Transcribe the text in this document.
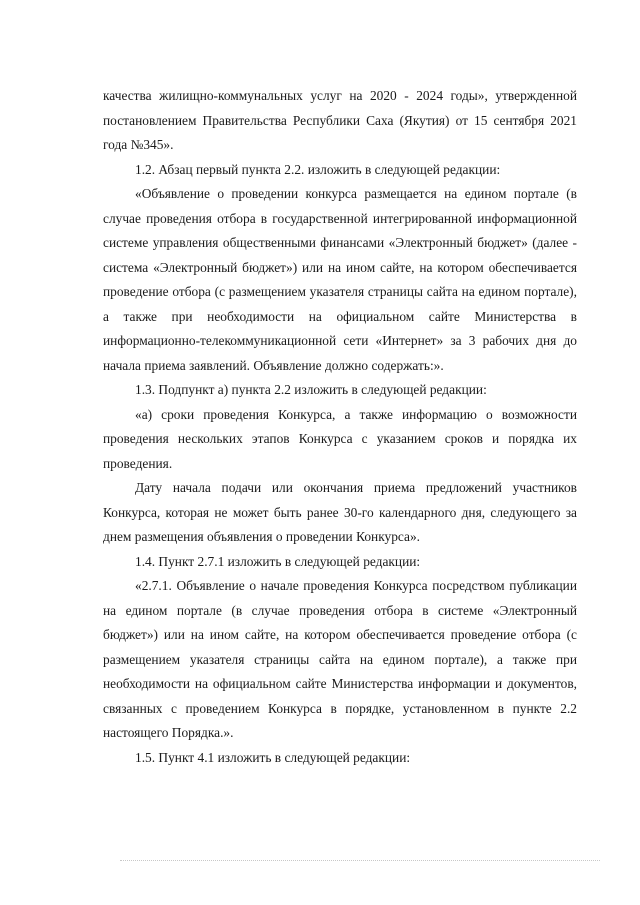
качества жилищно-коммунальных услуг на 2020 - 2024 годы», утвержденной постановлением Правительства Республики Саха (Якутия) от 15 сентября 2021 года №345».

1.2. Абзац первый пункта 2.2. изложить в следующей редакции:

«Объявление о проведении конкурса размещается на едином портале (в случае проведения отбора в государственной интегрированной информационной системе управления общественными финансами «Электронный бюджет» (далее - система «Электронный бюджет») или на ином сайте, на котором обеспечивается проведение отбора (с размещением указателя страницы сайта на едином портале), а также при необходимости на официальном сайте Министерства в информационно-телекоммуникационной сети «Интернет» за 3 рабочих дня до начала приема заявлений. Объявление должно содержать:».

1.3. Подпункт а) пункта 2.2 изложить в следующей редакции:

«а) сроки проведения Конкурса, а также информацию о возможности проведения нескольких этапов Конкурса с указанием сроков и порядка их проведения.

Дату начала подачи или окончания приема предложений участников Конкурса, которая не может быть ранее 30-го календарного дня, следующего за днем размещения объявления о проведении Конкурса».

1.4. Пункт 2.7.1 изложить в следующей редакции:

«2.7.1. Объявление о начале проведения Конкурса посредством публикации на едином портале (в случае проведения отбора в системе «Электронный бюджет») или на ином сайте, на котором обеспечивается проведение отбора (с размещением указателя страницы сайта на едином портале), а также при необходимости на официальном сайте Министерства информации и документов, связанных с проведением Конкурса в порядке, установленном в пункте 2.2 настоящего Порядка.».

1.5. Пункт 4.1 изложить в следующей редакции:
